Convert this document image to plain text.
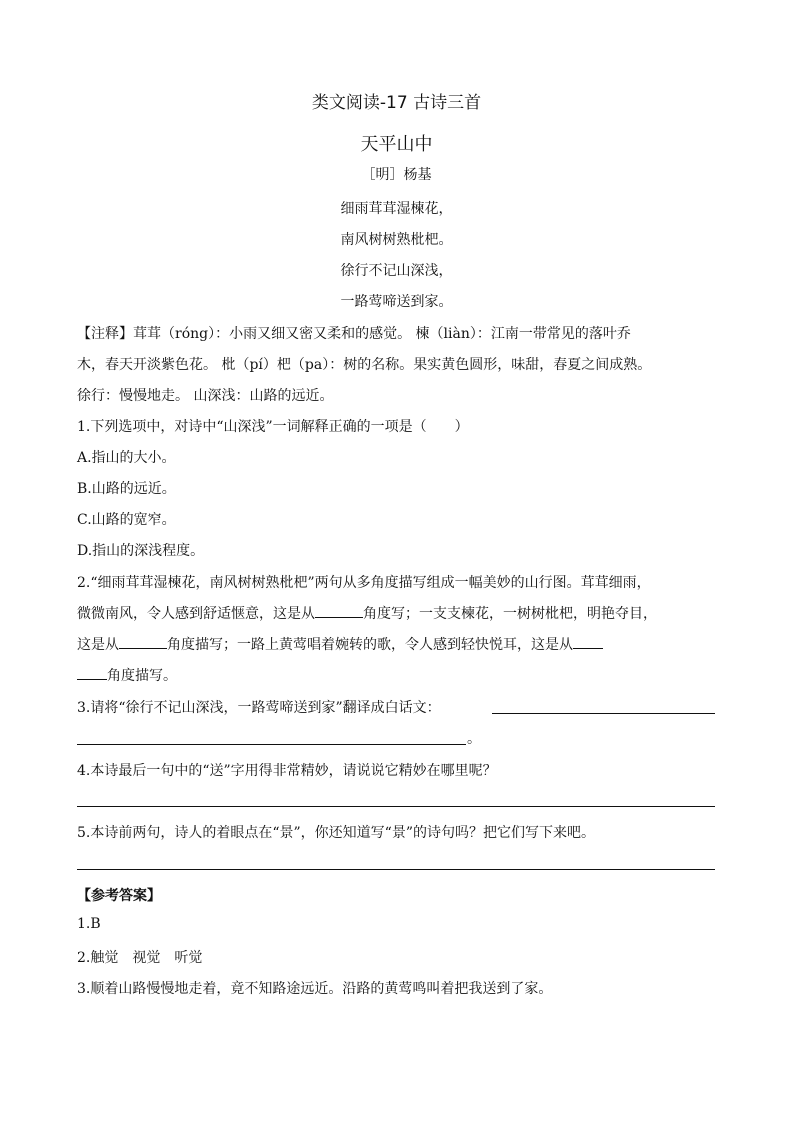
类文阅读-17 古诗三首
天平山中
［明］杨基
细雨茸茸湿楝花，
南风树树熟枇杷。
徐行不记山深浅，
一路莺啼送到家。
【注释】茸茸（róng）：小雨又细又密又柔和的感觉。 楝（liàn）：江南一带常见的落叶乔
木，春天开淡紫色花。 枇（pí）杷（pa）：树的名称。果实黄色圆形，味甜，春夏之间成熟。
徐行：慢慢地走。 山深浅：山路的远近。
1.下列选项中，对诗中“山深浅”一词解释正确的一项是（　　）
A.指山的大小。
B.山路的远近。
C.山路的宽窄。
D.指山的深浅程度。
2.“细雨茸茸湿楝花，南风树树熟枇杷”两句从多角度描写组成一幅美妙的山行图。茸茸细雨，
微微南风，令人感到舒适惬意，这是从	角度写；一支支楝花，一树树枇杷，明艳夺目，
这是从	角度描写；一路上黄莺唱着婉转的歌，令人感到轻快悦耳，这是从
角度描写。
3.请将“徐行不记山深浅，一路莺啼送到家”翻译成白话文：
。
4.本诗最后一句中的“送”字用得非常精妙，请说说它精妙在哪里呢？
5.本诗前两句，诗人的着眼点在“景”，你还知道写“景”的诗句吗？把它们写下来吧。
【参考答案】
1.B
2.触觉　视觉　听觉
3.顺着山路慢慢地走着，竟不知路途远近。沿路的黄莺鸣叫着把我送到了家。
